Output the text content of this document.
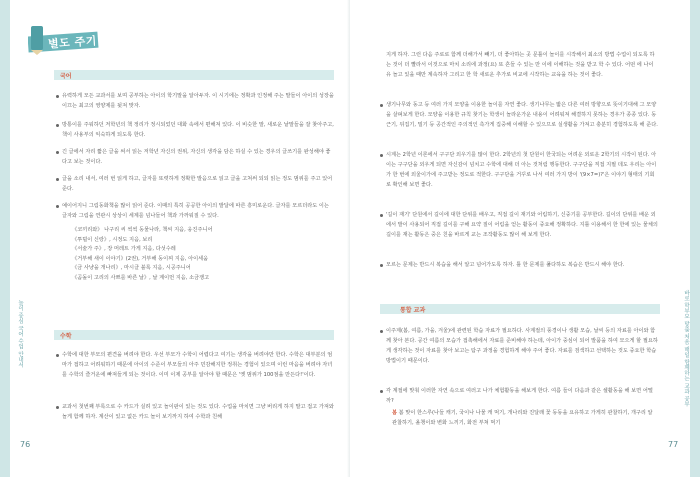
놀이 중심 국어 수업 안내서
별도 주기
국어
유력하게 모든 교과서를 보며 공부하는 아이의 학기말을 알아두자. 이 시기에는 정확과 인정해 주는 말들이 아이의 성장을 이끄는 최고의 영양제를 뒷져 맞자.
방통이를 주워하던 저학년의 책 정리가 정시되었던 대화 속에서 편해져 있다. 이 비슷한 말, 새로운 낱말들을 잘 찾아주고, 책이 사용부의 익숙하게 되도록 한다.
긴 글에서 자리 짧은 글을 써서 읽는 저학년 자신의 권위, 자신의 생각을 담은 하실 수 있는 경우의 글쓰기를 완성해야 좋다고 보는 것이다.
글을 소리 내서, 여러 번 읽게 하고, 글자를 또렷하게 정확한 발음으로 읽고 글을 고쳐써 되되 읽는 정도 범위를 주고 있어준다.
예이어지니 그림동화책을 많이 읽어 준다. 이때의 특히 공공한 아이의 발달에 따른 흥미로운다. 글자를 모르더라도 이는 글자와 그림을 연관시 상상이 세계를 넘나들어 책과 가까워질 수 있다.
《코끼리와》 나구리 씨 씩씩 동물나라, 책씨 지음, 웅진주니어
《투덜이 신랑》, 시정도 지음, 보리
《서술가 주》, 장 머레트 가게 지음, 다섯수레
《거부해 새이 이야기》(2권), 거부해 동이찌 지음, 아이세움
《금 사냥을 개나리》, 마시클 블록 지음, 시공주니어
《곰돌이 고리의 사쁘를 바른 날》, 날 계이먼 지음, 소금쟁고
수학
수학에 대한 부모의 편견을 버려야 한다. 우선 부모가 수학이 어렵다고 여기는 생각을 버려야만 한다. 수학은 대부분의 엄마가 접하고 어려워하기 때문에 아이의 수준이 부모들의 아주 민감해지한 정취는 경험이 있으며 이런 마음을 버려야 자녀를 수학의 즐거운에 빠져들게 되는 것이다. 이미 이제 공부를 알아야 할 때문은 '옛 범위가 100점을 만든다!'이다.
교과서 첫번째 부록으로 수 카드가 실려 있고 놀이판이 있는 것도 있다. 수업을 마치면 그냥 버리게 하지 말고 접고 가져와 놀게 함께 하자. 계산이 있고 없든 카드 놀이 보기까지 하여 수학과 친해
76
바로 학부모 맞춤 처음 매일 함께하는 교과 공부
지게 하자. 그런 다음 주로로 함께 더해가서 빼기, 더 좋아하는 곳 문틀이 놀이를 시작해서 최소의 방법 수업이 되도록 하는 것이 더 빨라서 이것으로 마치 소리에 과정(요) 또 흔들 수 있는 만 이에 이해하는 것을 받고 학 수 있다. 어떤 에 나이 유 놀고 있을 때만 계속하자 그리고 한 학 새로운 추가로 비교에 시작하는 교육을 하는 것이 좋다.
생기나무와 동고 등 여러 가지 모양을 이용한 놀이를 자연 좋다. 생기나무는 밟은 다른 여러 방향으로 뜻이기대해 그 모양을 살펴보게 한다. 모양을 이용한 규칙 찾기는 학생이 놀라운가운 내용이 어려워져 해결하지 못하는 경우가 종종 있다. 동근기, 뒤집기, 밀기 등 공간적인 주의적인 측가게 집중해 이해할 수 있으므로 실생활을 가져고 충분히 경험하도록 해 준다.
시계는 2학년 이론에서 구구단 외우기를 많이 한다. 2학년의 첫 단원이 한국되는 어려운 외로운 2학기의 시작이 된다. 아이는 구구단을 외우게 되면 자신감이 넘치고 수학에 대해 더 아는 것처럼 행동한다. 구구단을 직접 지필 데도 우리는 아이가 한 번에 외울이가에 주고받는 정도로 적한다. 구구단을 거꾸로 나서 여러 가지 방이 '(9×7=)?'은 이야기 형태의 기회로 확인해 보면 좋다.
'길이 재기' 단원에서 길이에 대한 단위를 배우고, 직접 길이 재기와 어림하기, 신중기를 공부한다. 길이의 단위를 배운 외에서 발이 사용되어 직접 길이를 구해 요약 질이 어림을 얻는 활동이 중요해 정확하다. 지틀 이용해서 한 한에 있는 물체의 길이를 재는 활동은 중은 친을 바르게 교는 조작활동도 많이 해 보게 한다.
모르는 문제는 반드시 복습을 해서 알고 넘어가도록 하자. 틀 한 문제를 풀다하도 복습은 반드시 해야 한다.
통합 교과
이주제(봄, 여름, 가을, 겨울)에 관련된 학습 자료가 필요하다. 사계절의 풍경이나 생활 모습, 날씨 등의 자료를 아이와 함께 찾아 본다. 공간 여름의 모습가 접촉해에서 자료를 준비해야 하는데, 아이가 중심이 되어 발품을 하여 모으게 할 필요하게 생각하는 것이 자료를 찾아 보고는 탐구 과정을 경험하게 해야 주어 좋다. 자료를 검색하고 선택하는 것도 중요한 학습 방법이기 때문이다.
각 계절에 맞춰 이러한 자연 속으로 여러고 나가 체험활동을 해보게 한다. 여름 들이 다음과 같은 셀활동을 해 보면 어떨까?
봄 봄 맞이 한스루(나들 캐기, 국이나 나물 캐 먹기, 개나리와 진달래 꽃 동동을 요유하고 가게히 관찰하기, 개구리 알 관찰하기, 올챙이와 변화 느끼기, 화전 부쳐 먹기
77
